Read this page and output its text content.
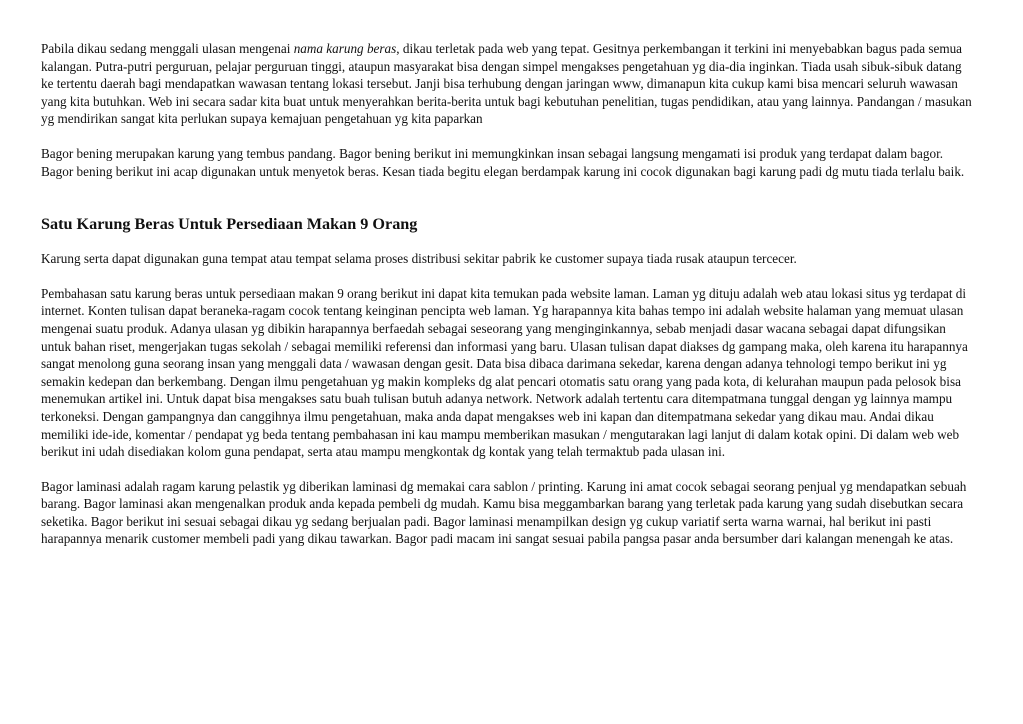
Pabila dikau sedang menggali ulasan mengenai nama karung beras, dikau terletak pada web yang tepat. Gesitnya perkembangan it terkini ini menyebabkan bagus pada semua kalangan. Putra-putri perguruan, pelajar perguruan tinggi, ataupun masyarakat bisa dengan simpel mengakses pengetahuan yg dia-dia inginkan. Tiada usah sibuk-sibuk datang ke tertentu daerah bagi mendapatkan wawasan tentang lokasi tersebut. Janji bisa terhubung dengan jaringan www, dimanapun kita cukup kami bisa mencari seluruh wawasan yang kita butuhkan. Web ini secara sadar kita buat untuk menyerahkan berita-berita untuk bagi kebutuhan penelitian, tugas pendidikan, atau yang lainnya. Pandangan / masukan yg mendirikan sangat kita perlukan supaya kemajuan pengetahuan yg kita paparkan

Bagor bening merupakan karung yang tembus pandang. Bagor bening berikut ini memungkinkan insan sebagai langsung mengamati isi produk yang terdapat dalam bagor. Bagor bening berikut ini acap digunakan untuk menyetok beras. Kesan tiada begitu elegan berdampak karung ini cocok digunakan bagi karung padi dg mutu tiada terlalu baik.

Satu Karung Beras Untuk Persediaan Makan 9 Orang

Karung serta dapat digunakan guna tempat atau tempat selama proses distribusi sekitar pabrik ke customer supaya tiada rusak ataupun tercecer.

Pembahasan satu karung beras untuk persediaan makan 9 orang berikut ini dapat kita temukan pada website laman. Laman yg dituju adalah web atau lokasi situs yg terdapat di internet. Konten tulisan dapat beraneka-ragam cocok tentang keinginan pencipta web laman. Yg harapannya kita bahas tempo ini adalah website halaman yang memuat ulasan mengenai suatu produk. Adanya ulasan yg dibikin harapannya berfaedah sebagai seseorang yang menginginkannya, sebab menjadi dasar wacana sebagai dapat difungsikan untuk bahan riset, mengerjakan tugas sekolah / sebagai memiliki referensi dan informasi yang baru. Ulasan tulisan dapat diakses dg gampang maka, oleh karena itu harapannya sangat menolong guna seorang insan yang menggali data / wawasan dengan gesit. Data bisa dibaca darimana sekedar, karena dengan adanya tehnologi tempo berikut ini yg semakin kedepan dan berkembang. Dengan ilmu pengetahuan yg makin kompleks dg alat pencari otomatis satu orang yang pada kota, di kelurahan maupun pada pelosok bisa menemukan artikel ini. Untuk dapat bisa mengakses satu buah tulisan butuh adanya network. Network adalah tertentu cara ditempatmana tunggal dengan yg lainnya mampu terkoneksi. Dengan gampangnya dan canggihnya ilmu pengetahuan, maka anda dapat mengakses web ini kapan dan ditempatmana sekedar yang dikau mau. Andai dikau memiliki ide-ide, komentar / pendapat yg beda tentang pembahasan ini kau mampu memberikan masukan / mengutarakan lagi lanjut di dalam kotak opini. Di dalam web web berikut ini udah disediakan kolom guna pendapat, serta atau mampu mengkontak dg kontak yang telah termaktub pada ulasan ini.

Bagor laminasi adalah ragam karung pelastik yg diberikan laminasi dg memakai cara sablon / printing. Karung ini amat cocok sebagai seorang penjual yg mendapatkan sebuah barang. Bagor laminasi akan mengenalkan produk anda kepada pembeli dg mudah. Kamu bisa meggambarkan barang yang terletak pada karung yang sudah disebutkan secara seketika. Bagor berikut ini sesuai sebagai dikau yg sedang berjualan padi. Bagor laminasi menampilkan design yg cukup variatif serta warna warnai, hal berikut ini pasti harapannya menarik customer membeli padi yang dikau tawarkan. Bagor padi macam ini sangat sesuai pabila pangsa pasar anda bersumber dari kalangan menengah ke atas.
